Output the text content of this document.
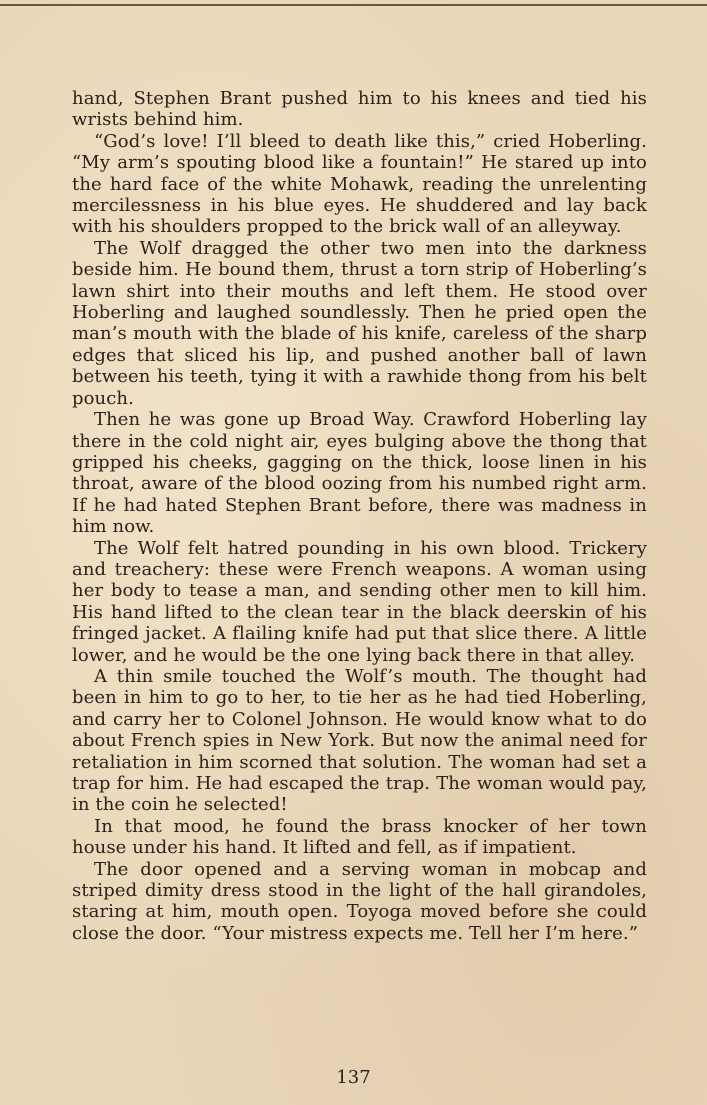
hand, Stephen Brant pushed him to his knees and tied his wrists behind him.

“God’s love! I’ll bleed to death like this,” cried Hoberling. “My arm’s spouting blood like a fountain!” He stared up into the hard face of the white Mohawk, reading the unrelenting mercilessness in his blue eyes. He shuddered and lay back with his shoulders propped to the brick wall of an alleyway.

The Wolf dragged the other two men into the darkness beside him. He bound them, thrust a torn strip of Hoberling’s lawn shirt into their mouths and left them. He stood over Hoberling and laughed soundlessly. Then he pried open the man’s mouth with the blade of his knife, careless of the sharp edges that sliced his lip, and pushed another ball of lawn between his teeth, tying it with a rawhide thong from his belt pouch.

Then he was gone up Broad Way. Crawford Hoberling lay there in the cold night air, eyes bulging above the thong that gripped his cheeks, gagging on the thick, loose linen in his throat, aware of the blood oozing from his numbed right arm. If he had hated Stephen Brant before, there was madness in him now.

The Wolf felt hatred pounding in his own blood. Trickery and treachery: these were French weapons. A woman using her body to tease a man, and sending other men to kill him. His hand lifted to the clean tear in the black deerskin of his fringed jacket. A flailing knife had put that slice there. A little lower, and he would be the one lying back there in that alley.

A thin smile touched the Wolf’s mouth. The thought had been in him to go to her, to tie her as he had tied Hoberling, and carry her to Colonel Johnson. He would know what to do about French spies in New York. But now the animal need for retaliation in him scorned that solution. The woman had set a trap for him. He had escaped the trap. The woman would pay, in the coin he selected!

In that mood, he found the brass knocker of her town house under his hand. It lifted and fell, as if impatient.

The door opened and a serving woman in mobcap and striped dimity dress stood in the light of the hall girandoles, staring at him, mouth open. Toyoga moved before she could close the door. “Your mistress expects me. Tell her I’m here.”

137
